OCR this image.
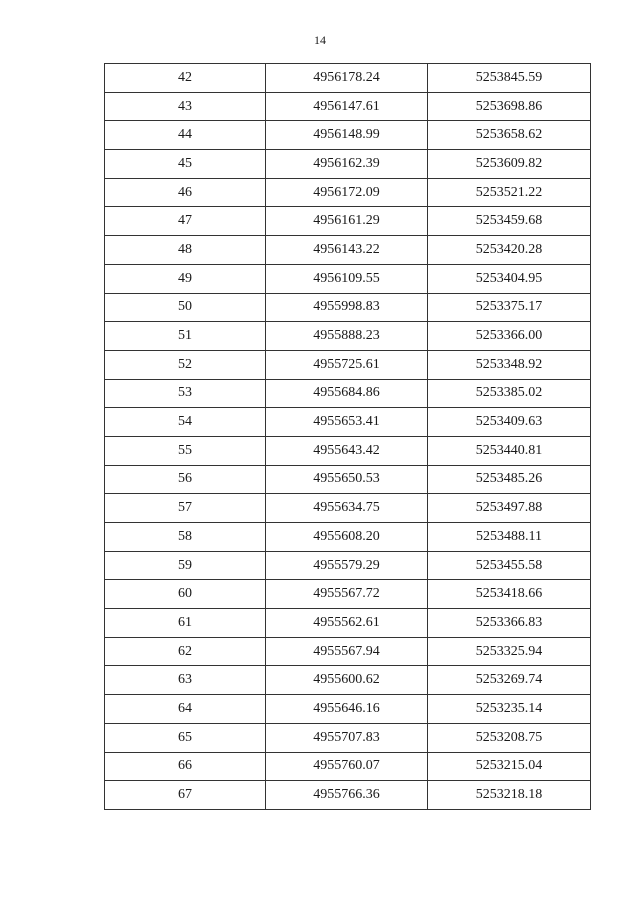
14
42	4956178.24	5253845.59
43	4956147.61	5253698.86
44	4956148.99	5253658.62
45	4956162.39	5253609.82
46	4956172.09	5253521.22
47	4956161.29	5253459.68
48	4956143.22	5253420.28
49	4956109.55	5253404.95
50	4955998.83	5253375.17
51	4955888.23	5253366.00
52	4955725.61	5253348.92
53	4955684.86	5253385.02
54	4955653.41	5253409.63
55	4955643.42	5253440.81
56	4955650.53	5253485.26
57	4955634.75	5253497.88
58	4955608.20	5253488.11
59	4955579.29	5253455.58
60	4955567.72	5253418.66
61	4955562.61	5253366.83
62	4955567.94	5253325.94
63	4955600.62	5253269.74
64	4955646.16	5253235.14
65	4955707.83	5253208.75
66	4955760.07	5253215.04
67	4955766.36	5253218.18
